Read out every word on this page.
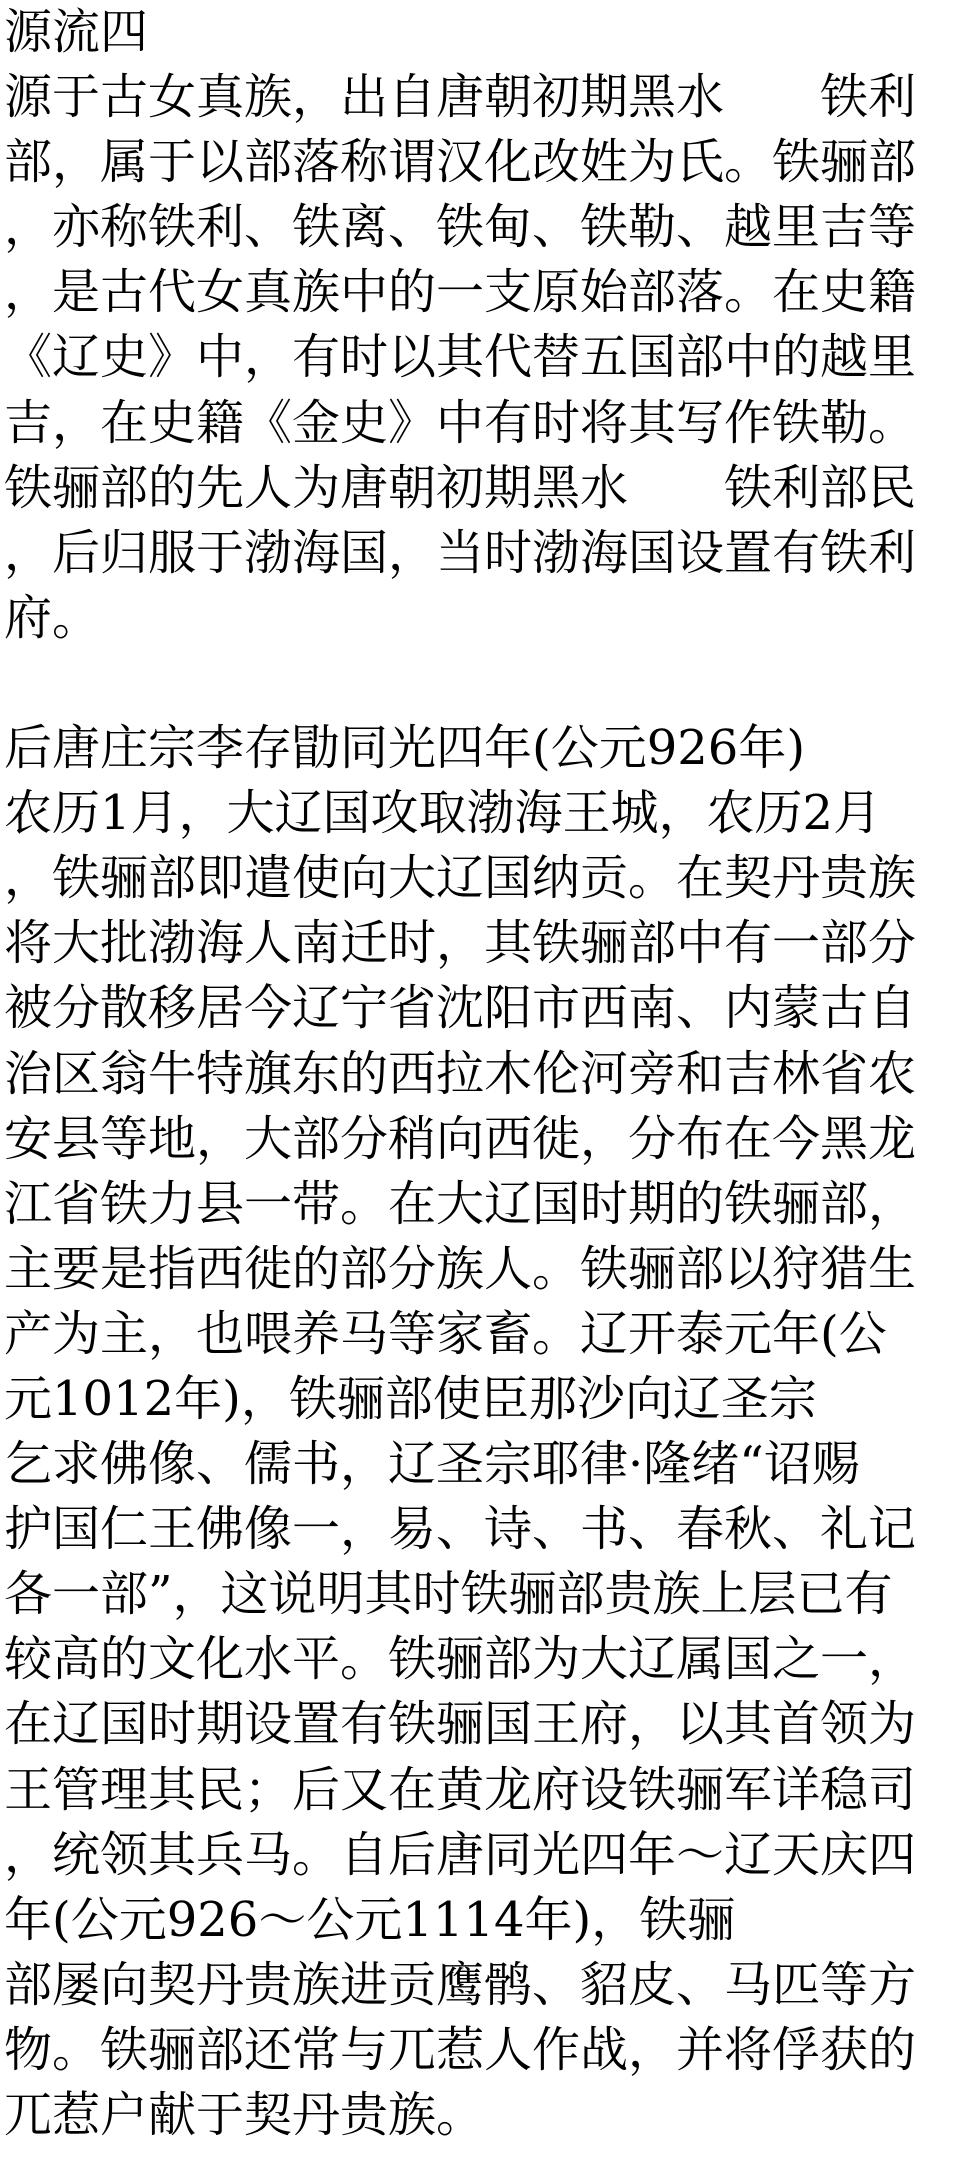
源流四
源于古女真族，出自唐朝初期黑水　　铁利
部，属于以部落称谓汉化改姓为氏。铁骊部
，亦称铁利、铁离、铁甸、铁勒、越里吉等
，是古代女真族中的一支原始部落。在史籍
《辽史》中，有时以其代替五国部中的越里
吉，在史籍《金史》中有时将其写作铁勒。
铁骊部的先人为唐朝初期黑水　　铁利部民
，后归服于渤海国，当时渤海国设置有铁利
府。
后唐庄宗李存勖同光四年(公元926年)
农历1月，大辽国攻取渤海王城，农历2月
，铁骊部即遣使向大辽国纳贡。在契丹贵族
将大批渤海人南迁时，其铁骊部中有一部分
被分散移居今辽宁省沈阳市西南、内蒙古自
治区翁牛特旗东的西拉木伦河旁和吉林省农
安县等地，大部分稍向西徙，分布在今黑龙
江省铁力县一带。在大辽国时期的铁骊部，
主要是指西徙的部分族人。铁骊部以狩猎生
产为主，也喂养马等家畜。辽开泰元年(公
元1012年)，铁骊部使臣那沙向辽圣宗
乞求佛像、儒书，辽圣宗耶律·隆绪“诏赐
护国仁王佛像一，易、诗、书、春秋、礼记
各一部”，这说明其时铁骊部贵族上层已有
较高的文化水平。铁骊部为大辽属国之一，
在辽国时期设置有铁骊国王府，以其首领为
王管理其民；后又在黄龙府设铁骊军详稳司
，统领其兵马。自后唐同光四年～辽天庆四
年(公元926～公元1114年)，铁骊
部屡向契丹贵族进贡鹰鹘、貂皮、马匹等方
物。铁骊部还常与兀惹人作战，并将俘获的
兀惹户献于契丹贵族。
